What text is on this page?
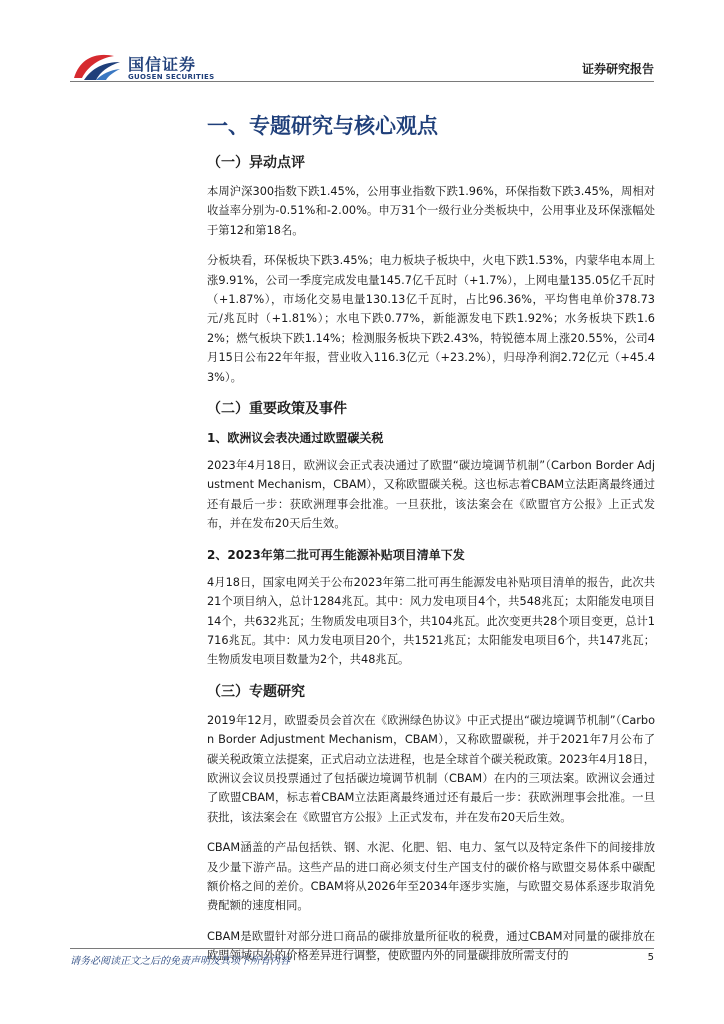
国信证券
GUOSEN SECURITIES
证券研究报告
一、专题研究与核心观点
（一）异动点评

本周沪深300指数下跌1.45%，公用事业指数下跌1.96%，环保指数下跌3.45%，周相对收益率分别为-0.51%和-2.00%。申万31个一级行业分类板块中，公用事业及环保涨幅处于第12和第18名。

分板块看，环保板块下跌3.45%；电力板块子板块中，火电下跌1.53%，内蒙华电本周上涨9.91%，公司一季度完成发电量145.7亿千瓦时（+1.7%），上网电量135.05亿千瓦时（+1.87%），市场化交易电量130.13亿千瓦时，占比96.36%，平均售电单价378.73元/兆瓦时（+1.81%）；水电下跌0.77%，新能源发电下跌1.92%；水务板块下跌1.62%；燃气板块下跌1.14%；检测服务板块下跌2.43%，特锐德本周上涨20.55%，公司4月15日公布22年年报，营业收入116.3亿元（+23.2%），归母净利润2.72亿元（+45.43%）。

（二）重要政策及事件
1、欧洲议会表决通过欧盟碳关税

2023年4月18日，欧洲议会正式表决通过了欧盟“碳边境调节机制”（Carbon Border Adjustment Mechanism，CBAM），又称欧盟碳关税。这也标志着CBAM立法距离最终通过还有最后一步：获欧洲理事会批准。一旦获批，该法案会在《欧盟官方公报》上正式发布，并在发布20天后生效。

2、2023年第二批可再生能源补贴项目清单下发

4月18日，国家电网关于公布2023年第二批可再生能源发电补贴项目清单的报告，此次共21个项目纳入，总计1284兆瓦。其中：风力发电项目4个，共548兆瓦；太阳能发电项目14个，共632兆瓦；生物质发电项目3个，共104兆瓦。此次变更共28个项目变更，总计1716兆瓦。其中：风力发电项目20个，共1521兆瓦；太阳能发电项目6个，共147兆瓦；生物质发电项目数量为2个，共48兆瓦。

（三）专题研究

2019年12月，欧盟委员会首次在《欧洲绿色协议》中正式提出“碳边境调节机制”（Carbon Border Adjustment Mechanism，CBAM），又称欧盟碳税，并于2021年7月公布了碳关税政策立法提案，正式启动立法进程，也是全球首个碳关税政策。2023年4月18日，欧洲议会议员投票通过了包括碳边境调节机制（CBAM）在内的三项法案。欧洲议会通过了欧盟CBAM，标志着CBAM立法距离最终通过还有最后一步：获欧洲理事会批准。一旦获批，该法案会在《欧盟官方公报》上正式发布，并在发布20天后生效。

CBAM涵盖的产品包括铁、钢、水泥、化肥、铝、电力、氢气以及特定条件下的间接排放及少量下游产品。这些产品的进口商必须支付生产国支付的碳价格与欧盟交易体系中碳配额价格之间的差价。CBAM将从2026年至2034年逐步实施，与欧盟交易体系逐步取消免费配额的速度相同。

CBAM是欧盟针对部分进口商品的碳排放量所征收的税费，通过CBAM对同量的碳排放在欧盟领域内外的价格差异进行调整，使欧盟内外的同量碳排放所需支付的

请务必阅读正文之后的免责声明及其项下所有内容	5
